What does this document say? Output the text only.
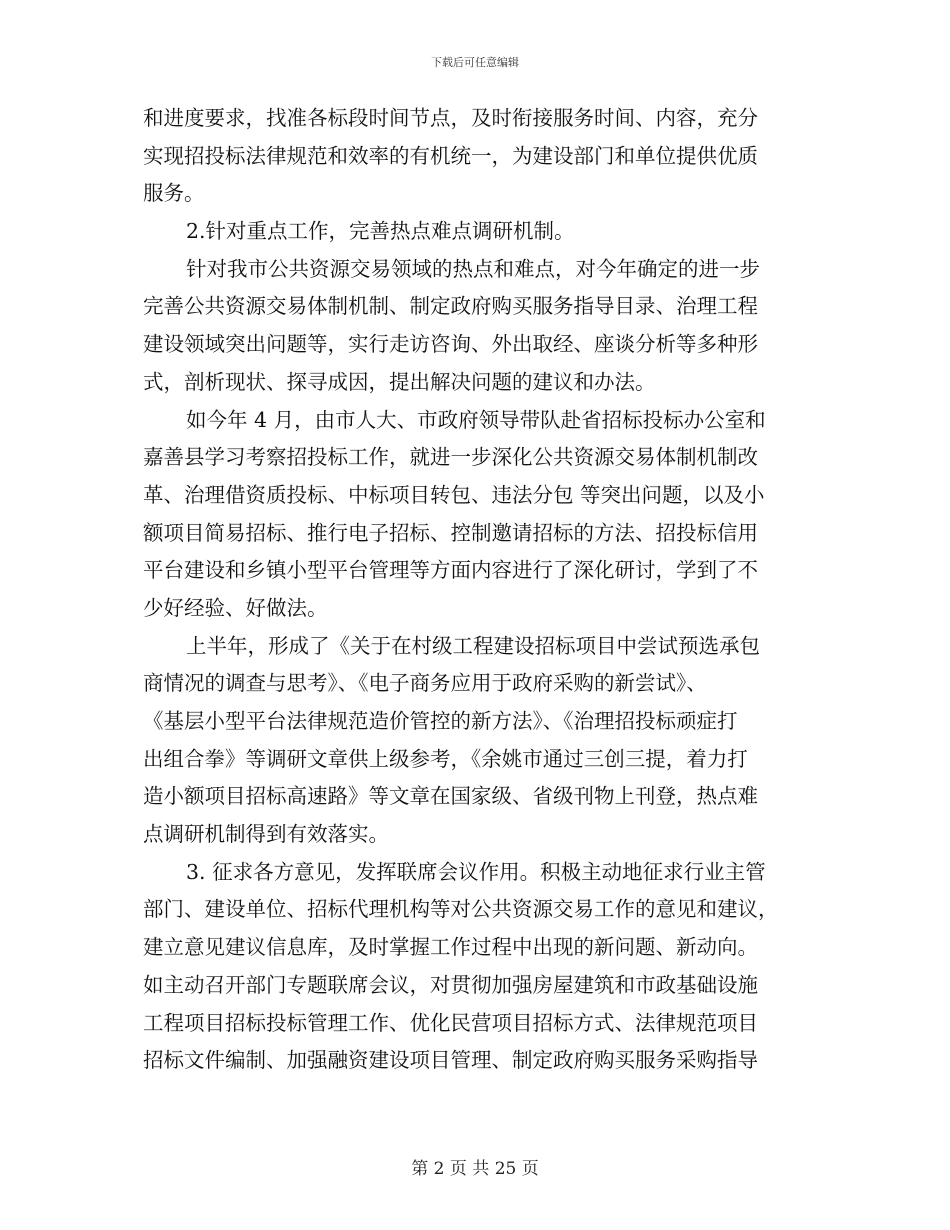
下载后可任意编辑
和进度要求，找准各标段时间节点，及时衔接服务时间、内容，充分
实现招投标法律规范和效率的有机统一，为建设部门和单位提供优质
服务。
2.针对重点工作，完善热点难点调研机制。
针对我市公共资源交易领域的热点和难点，对今年确定的进一步
完善公共资源交易体制机制、制定政府购买服务指导目录、治理工程
建设领域突出问题等，实行走访咨询、外出取经、座谈分析等多种形
式，剖析现状、探寻成因，提出解决问题的建议和办法。
如今年 4 月，由市人大、市政府领导带队赴省招标投标办公室和
嘉善县学习考察招投标工作，就进一步深化公共资源交易体制机制改
革、治理借资质投标、中标项目转包、违法分包 等突出问题，以及小
额项目简易招标、推行电子招标、控制邀请招标的方法、招投标信用
平台建设和乡镇小型平台管理等方面内容进行了深化研讨，学到了不
少好经验、好做法。
上半年，形成了《关于在村级工程建设招标项目中尝试预选承包
商情况的调查与思考》、《电子商务应用于政府采购的新尝试》、
《基层小型平台法律规范造价管控的新方法》、《治理招投标顽症打
出组合拳》等调研文章供上级参考，《余姚市通过三创三提，着力打
造小额项目招标高速路》等文章在国家级、省级刊物上刊登，热点难
点调研机制得到有效落实。
3. 征求各方意见，发挥联席会议作用。积极主动地征求行业主管
部门、建设单位、招标代理机构等对公共资源交易工作的意见和建议，
建立意见建议信息库，及时掌握工作过程中出现的新问题、新动向。
如主动召开部门专题联席会议，对贯彻加强房屋建筑和市政基础设施
工程项目招标投标管理工作、优化民营项目招标方式、法律规范项目
招标文件编制、加强融资建设项目管理、制定政府购买服务采购指导
第 2 页 共 25 页
